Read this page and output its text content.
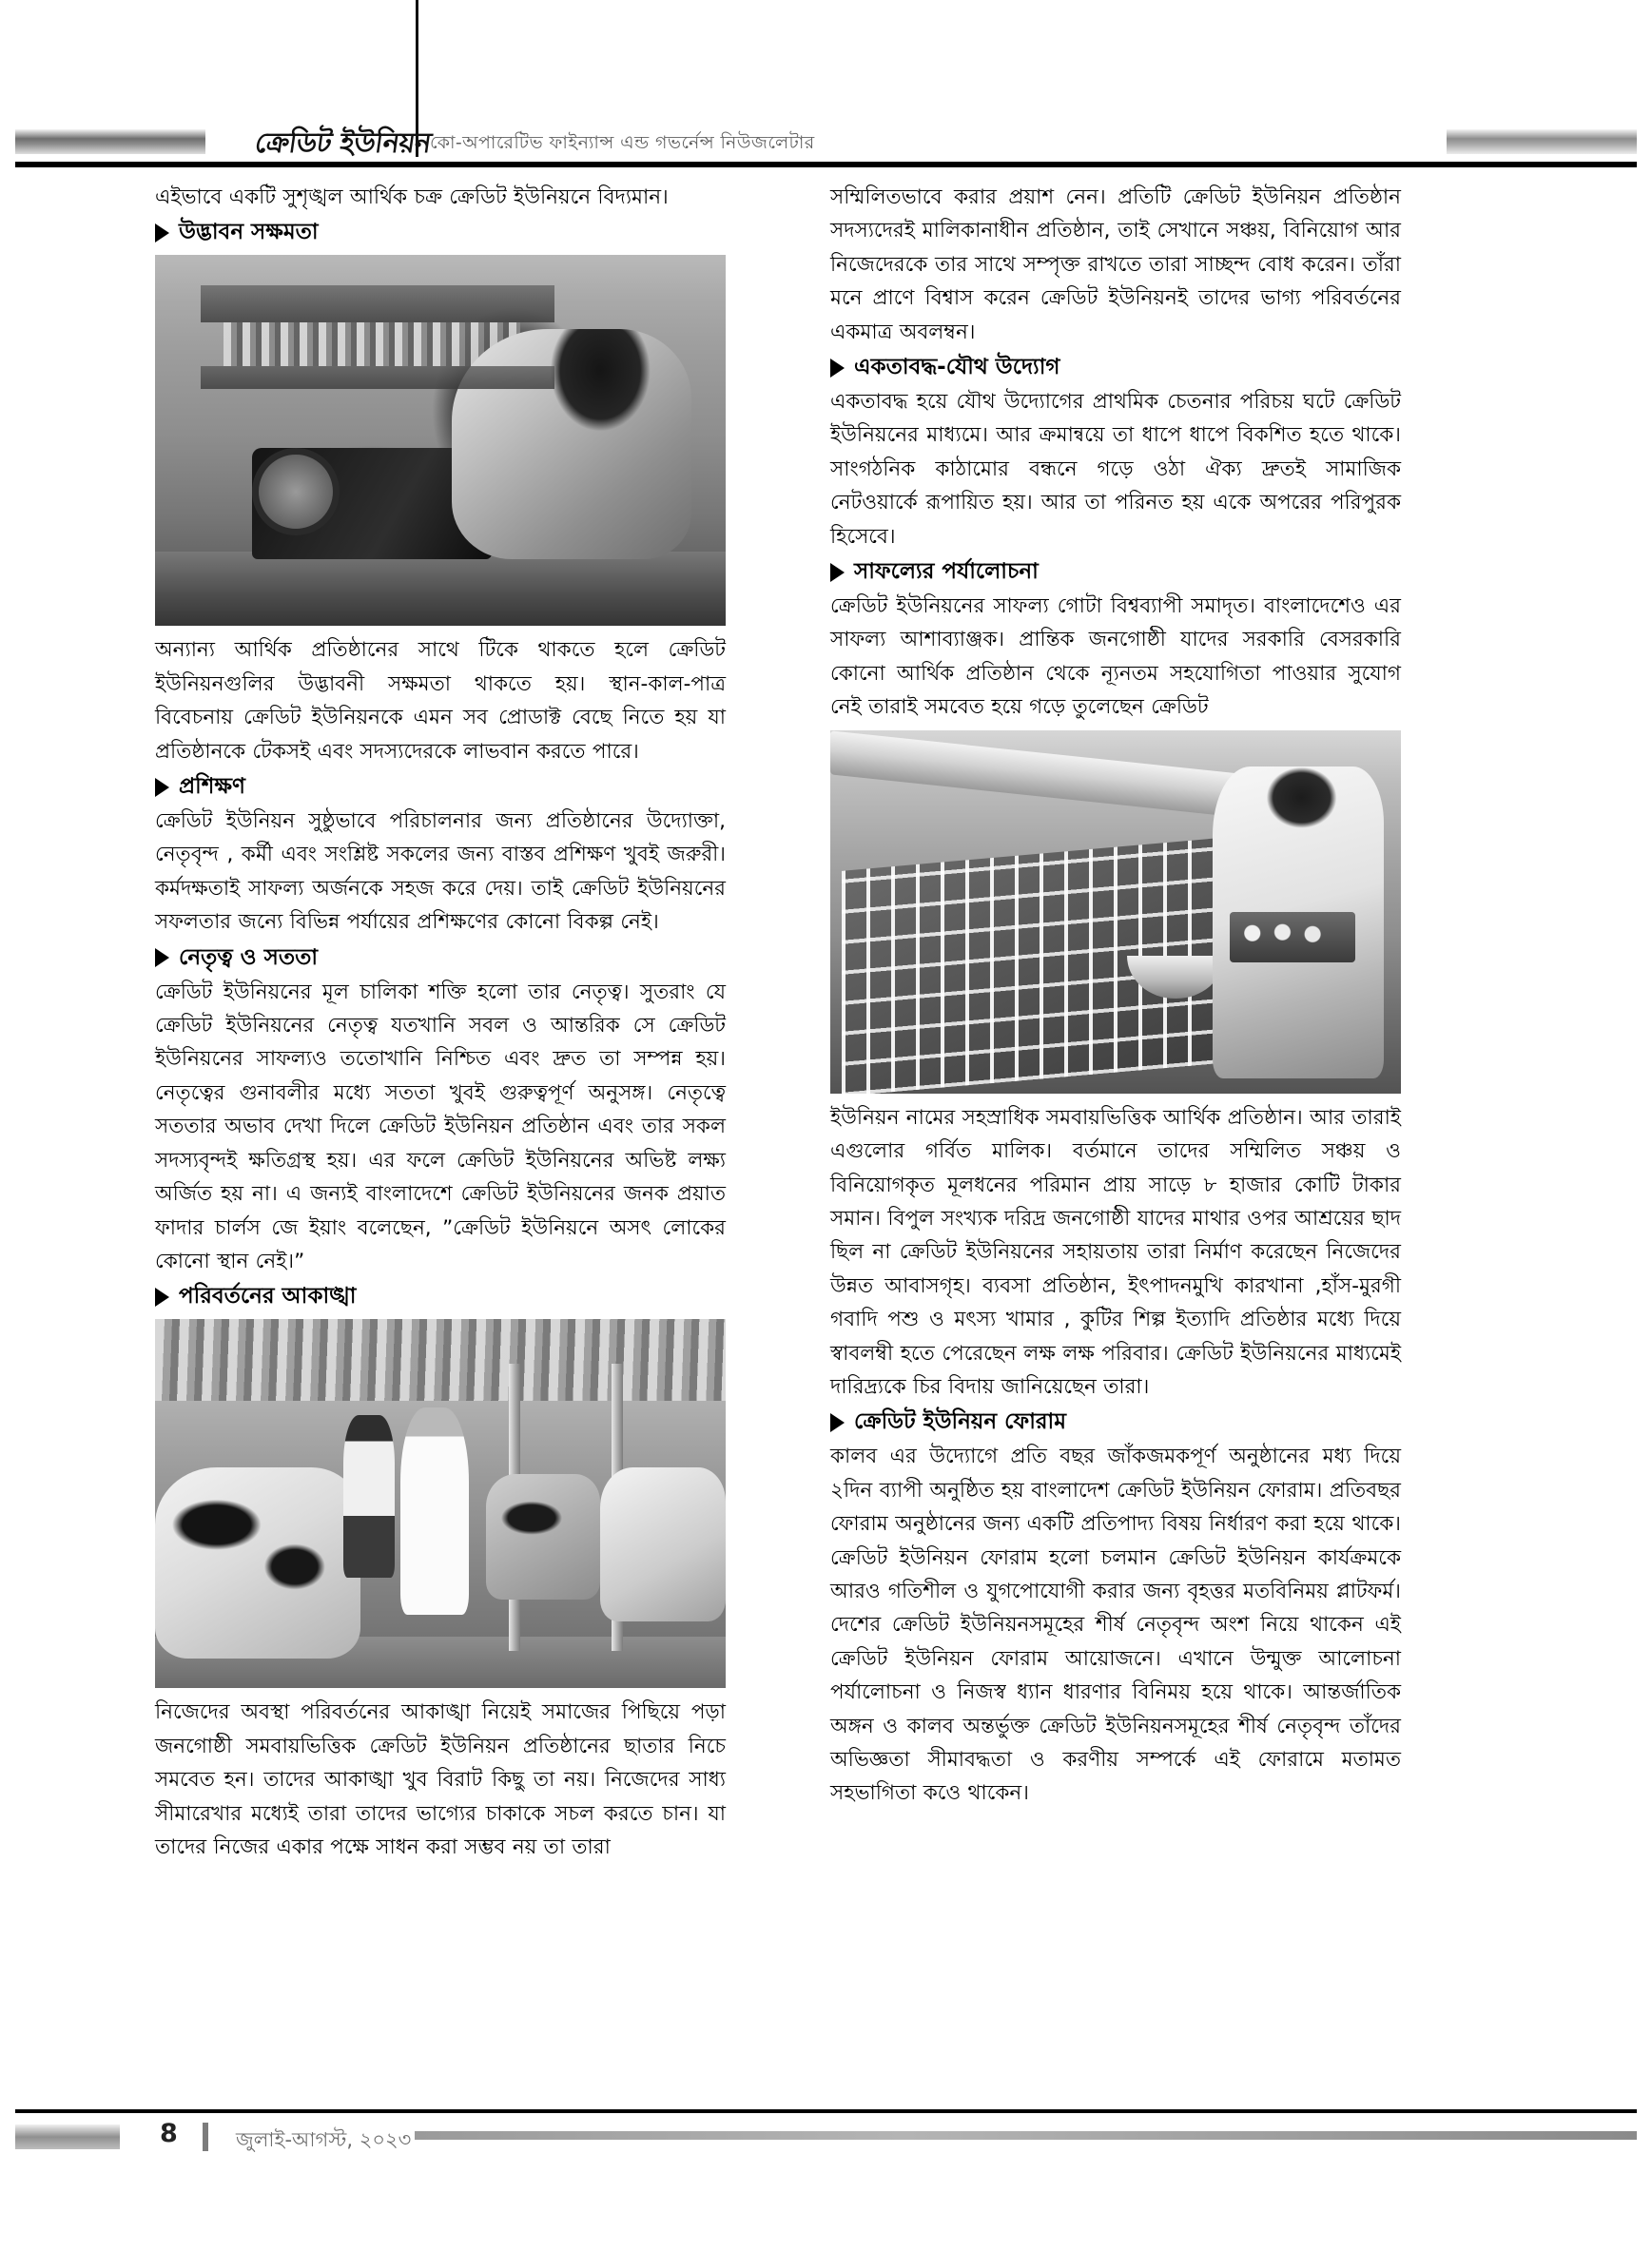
ক্রেডিট ইউনিয়ন
কো-অপারেটিভ ফাইন্যান্স এন্ড গভর্নেন্স নিউজলেটার

এইভাবে একটি সুশৃঙ্খল আর্থিক চক্র ক্রেডিট ইউনিয়নে বিদ্যমান।

উদ্ভাবন সক্ষমতা

অন্যান্য আর্থিক প্রতিষ্ঠানের সাথে টিকে থাকতে হলে ক্রেডিট ইউনিয়নগুলির উদ্ভাবনী সক্ষমতা থাকতে হয়। স্থান-কাল-পাত্র বিবেচনায় ক্রেডিট ইউনিয়নকে এমন সব প্রোডাক্ট বেছে নিতে হয় যা প্রতিষ্ঠানকে টেকসই এবং সদস্যদেরকে লাভবান করতে পারে।

প্রশিক্ষণ

ক্রেডিট ইউনিয়ন সুষ্ঠুভাবে পরিচালনার জন্য প্রতিষ্ঠানের উদ্যোক্তা, নেতৃবৃন্দ , কর্মী এবং সংশ্লিষ্ট সকলের জন্য বাস্তব প্রশিক্ষণ খুবই জরুরী। কর্মদক্ষতাই সাফল্য অর্জনকে সহজ করে দেয়। তাই ক্রেডিট ইউনিয়নের সফলতার জন্যে বিভিন্ন পর্যায়ের প্রশিক্ষণের কোনো বিকল্প নেই।

নেতৃত্ব ও সততা

ক্রেডিট ইউনিয়নের মূল চালিকা শক্তি হলো তার নেতৃত্ব। সুতরাং যে ক্রেডিট ইউনিয়নের নেতৃত্ব যতখানি সবল ও আন্তরিক সে ক্রেডিট ইউনিয়নের সাফল্যও ততোখানি নিশ্চিত এবং দ্রুত তা সম্পন্ন হয়। নেতৃত্বের গুনাবলীর মধ্যে সততা খুবই গুরুত্বপূর্ণ অনুসঙ্গ। নেতৃত্বে সততার অভাব দেখা দিলে ক্রেডিট ইউনিয়ন প্রতিষ্ঠান এবং তার সকল সদস্যবৃন্দই ক্ষতিগ্রস্থ হয়। এর ফলে ক্রেডিট ইউনিয়নের অভিষ্ট লক্ষ্য অর্জিত হয় না। এ জন্যই বাংলাদেশে ক্রেডিট ইউনিয়নের জনক প্রয়াত ফাদার চার্লস জে ইয়াং বলেছেন, ”ক্রেডিট ইউনিয়নে অসৎ লোকের কোনো স্থান নেই।”

পরিবর্তনের আকাঙ্খা

নিজেদের অবস্থা পরিবর্তনের আকাঙ্খা নিয়েই সমাজের পিছিয়ে পড়া জনগোষ্ঠী সমবায়ভিত্তিক ক্রেডিট ইউনিয়ন প্রতিষ্ঠানের ছাতার নিচে সমবেত হন। তাদের আকাঙ্খা খুব বিরাট কিছু তা নয়। নিজেদের সাধ্য সীমারেখার মধ্যেই তারা তাদের ভাগ্যের চাকাকে সচল করতে চান। যা তাদের নিজের একার পক্ষে সাধন করা সম্ভব নয় তা তারা

সম্মিলিতভাবে করার প্রয়াশ নেন। প্রতিটি ক্রেডিট ইউনিয়ন প্রতিষ্ঠান সদস্যদেরই মালিকানাধীন প্রতিষ্ঠান, তাই সেখানে সঞ্চয়, বিনিয়োগ আর নিজেদেরকে তার সাথে সম্পৃক্ত রাখতে তারা সাচ্ছন্দ বোধ করেন। তাঁরা মনে প্রাণে বিশ্বাস করেন ক্রেডিট ইউনিয়নই তাদের ভাগ্য পরিবর্তনের একমাত্র অবলম্বন।

একতাবদ্ধ-যৌথ উদ্যোগ

একতাবদ্ধ হয়ে যৌথ উদ্যোগের প্রাথমিক চেতনার পরিচয় ঘটে ক্রেডিট ইউনিয়নের মাধ্যমে। আর ক্রমান্বয়ে তা ধাপে ধাপে বিকশিত হতে থাকে। সাংগঠনিক কাঠামোর বন্ধনে গড়ে ওঠা ঐক্য দ্রুতই সামাজিক নেটওয়ার্কে রূপায়িত হয়। আর তা পরিনত হয় একে অপরের পরিপুরক হিসেবে।

সাফল্যের পর্যালোচনা

ক্রেডিট ইউনিয়নের সাফল্য গোটা বিশ্বব্যাপী সমাদৃত। বাংলাদেশেও এর সাফল্য আশাব্যাঞ্জক। প্রান্তিক জনগোষ্ঠী যাদের সরকারি বেসরকারি কোনো আর্থিক প্রতিষ্ঠান থেকে ন্যূনতম সহযোগিতা পাওয়ার সুযোগ নেই তারাই সমবেত হয়ে গড়ে তুলেছেন ক্রেডিট

ইউনিয়ন নামের সহস্রাধিক সমবায়ভিত্তিক আর্থিক প্রতিষ্ঠান। আর তারাই এগুলোর গর্বিত মালিক। বর্তমানে তাদের সম্মিলিত সঞ্চয় ও বিনিয়োগকৃত মূলধনের পরিমান প্রায় সাড়ে ৮ হাজার কোটি টাকার সমান। বিপুল সংখ্যক দরিদ্র জনগোষ্ঠী যাদের মাথার ওপর আশ্রয়ের ছাদ ছিল না ক্রেডিট ইউনিয়নের সহায়তায় তারা নির্মাণ করেছেন নিজেদের উন্নত আবাসগৃহ। ব্যবসা প্রতিষ্ঠান, ইৎপাদনমুখি কারখানা ,হাঁস-মুরগী গবাদি পশু ও মৎস্য খামার , কুটির শিল্প ইত্যাদি প্রতিষ্ঠার মধ্যে দিয়ে স্বাবলম্বী হতে পেরেছেন লক্ষ লক্ষ পরিবার। ক্রেডিট ইউনিয়নের মাধ্যমেই দারিদ্র্যকে চির বিদায় জানিয়েছেন তারা।

ক্রেডিট ইউনিয়ন ফোরাম

কালব এর উদ্যোগে প্রতি বছর জাঁকজমকপূর্ণ অনুষ্ঠানের মধ্য দিয়ে ২দিন ব্যাপী অনুষ্ঠিত হয় বাংলাদেশ ক্রেডিট ইউনিয়ন ফোরাম। প্রতিবছর ফোরাম অনুষ্ঠানের জন্য একটি প্রতিপাদ্য বিষয় নির্ধারণ করা হয়ে থাকে। ক্রেডিট ইউনিয়ন ফোরাম হলো চলমান ক্রেডিট ইউনিয়ন কার্যক্রমকে আরও গতিশীল ও যুগপোযোগী করার জন্য বৃহত্তর মতবিনিময় প্লাটফর্ম। দেশের ক্রেডিট ইউনিয়নসমূহের শীর্ষ নেতৃবৃন্দ অংশ নিয়ে থাকেন এই ক্রেডিট ইউনিয়ন ফোরাম আয়োজনে। এখানে উন্মুক্ত আলোচনা পর্যালোচনা ও নিজস্ব ধ্যান ধারণার বিনিময় হয়ে থাকে। আন্তর্জাতিক অঙ্গন ও কালব অন্তর্ভুক্ত ক্রেডিট ইউনিয়নসমূহের শীর্ষ নেতৃবৃন্দ তাঁদের অভিজ্ঞতা সীমাবদ্ধতা ও করণীয় সম্পর্কে এই ফোরামে মতামত সহভাগিতা কওে থাকেন।

8	জুলাই-আগস্ট, ২০২৩
